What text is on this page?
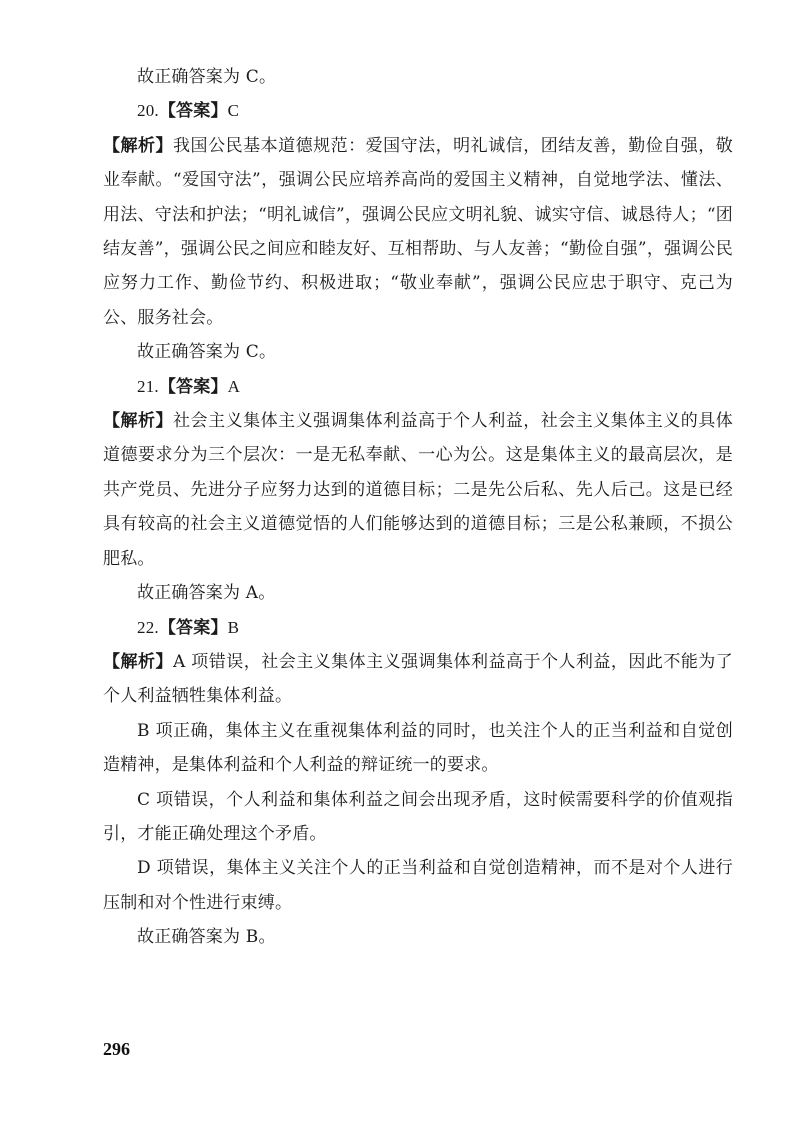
故正确答案为 C。

20.【答案】C

【解析】我国公民基本道德规范：爱国守法，明礼诚信，团结友善，勤俭自强，敬业奉献。“爱国守法”，强调公民应培养高尚的爱国主义精神，自觉地学法、懂法、用法、守法和护法；“明礼诚信”，强调公民应文明礼貌、诚实守信、诚恳待人；“团结友善”，强调公民之间应和睦友好、互相帮助、与人友善；“勤俭自强”，强调公民应努力工作、勤俭节约、积极进取；“敬业奉献”，强调公民应忠于职守、克己为公、服务社会。

故正确答案为 C。

21.【答案】A

【解析】社会主义集体主义强调集体利益高于个人利益，社会主义集体主义的具体道德要求分为三个层次：一是无私奉献、一心为公。这是集体主义的最高层次，是共产党员、先进分子应努力达到的道德目标；二是先公后私、先人后己。这是已经具有较高的社会主义道德觉悟的人们能够达到的道德目标；三是公私兼顾，不损公肥私。

故正确答案为 A。

22.【答案】B

【解析】A 项错误，社会主义集体主义强调集体利益高于个人利益，因此不能为了个人利益牺牲集体利益。

B 项正确，集体主义在重视集体利益的同时，也关注个人的正当利益和自觉创造精神，是集体利益和个人利益的辩证统一的要求。

C 项错误，个人利益和集体利益之间会出现矛盾，这时候需要科学的价值观指引，才能正确处理这个矛盾。

D 项错误，集体主义关注个人的正当利益和自觉创造精神，而不是对个人进行压制和对个性进行束缚。

故正确答案为 B。

296
